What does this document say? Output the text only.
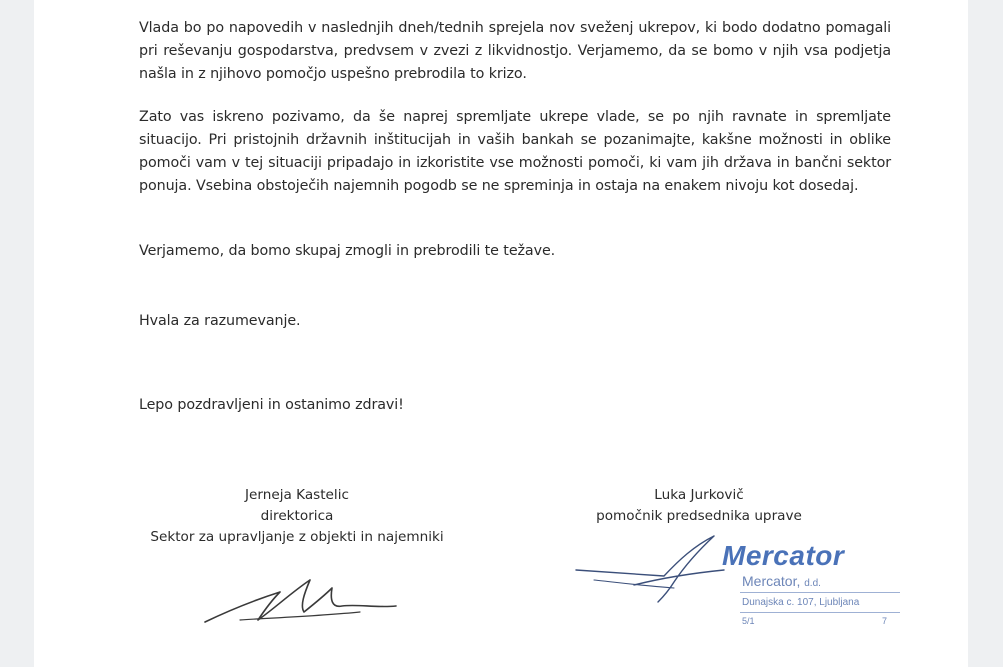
Vlada bo po napovedih v naslednjih dneh/tednih sprejela nov sveženj ukrepov, ki bodo dodatno pomagali pri reševanju gospodarstva, predvsem v zvezi z likvidnostjo. Verjamemo, da se bomo v njih vsa podjetja našla in z njihovo pomočjo uspešno prebrodila to krizo.

Zato vas iskreno pozivamo, da še naprej spremljate ukrepe vlade, se po njih ravnate in spremljate situacijo. Pri pristojnih državnih inštitucijah in vaših bankah se pozanimajte, kakšne možnosti in oblike pomoči vam v tej situaciji pripadajo in izkoristite vse možnosti pomoči, ki vam jih država in bančni sektor ponuja. Vsebina obstoječih najemnih pogodb se ne spreminja in ostaja na enakem nivoju kot dosedaj.

Verjamemo, da bomo skupaj zmogli in prebrodili te težave.

Hvala za razumevanje.

Lepo pozdravljeni in ostanimo zdravi!

Jerneja Kastelic
direktorica
Sektor za upravljanje z objekti in najemniki
Luka Jurkovič
pomočnik predsednika uprave
Mercator
Mercator, d.d.
Dunajska c. 107, Ljubljana
5/1	7
